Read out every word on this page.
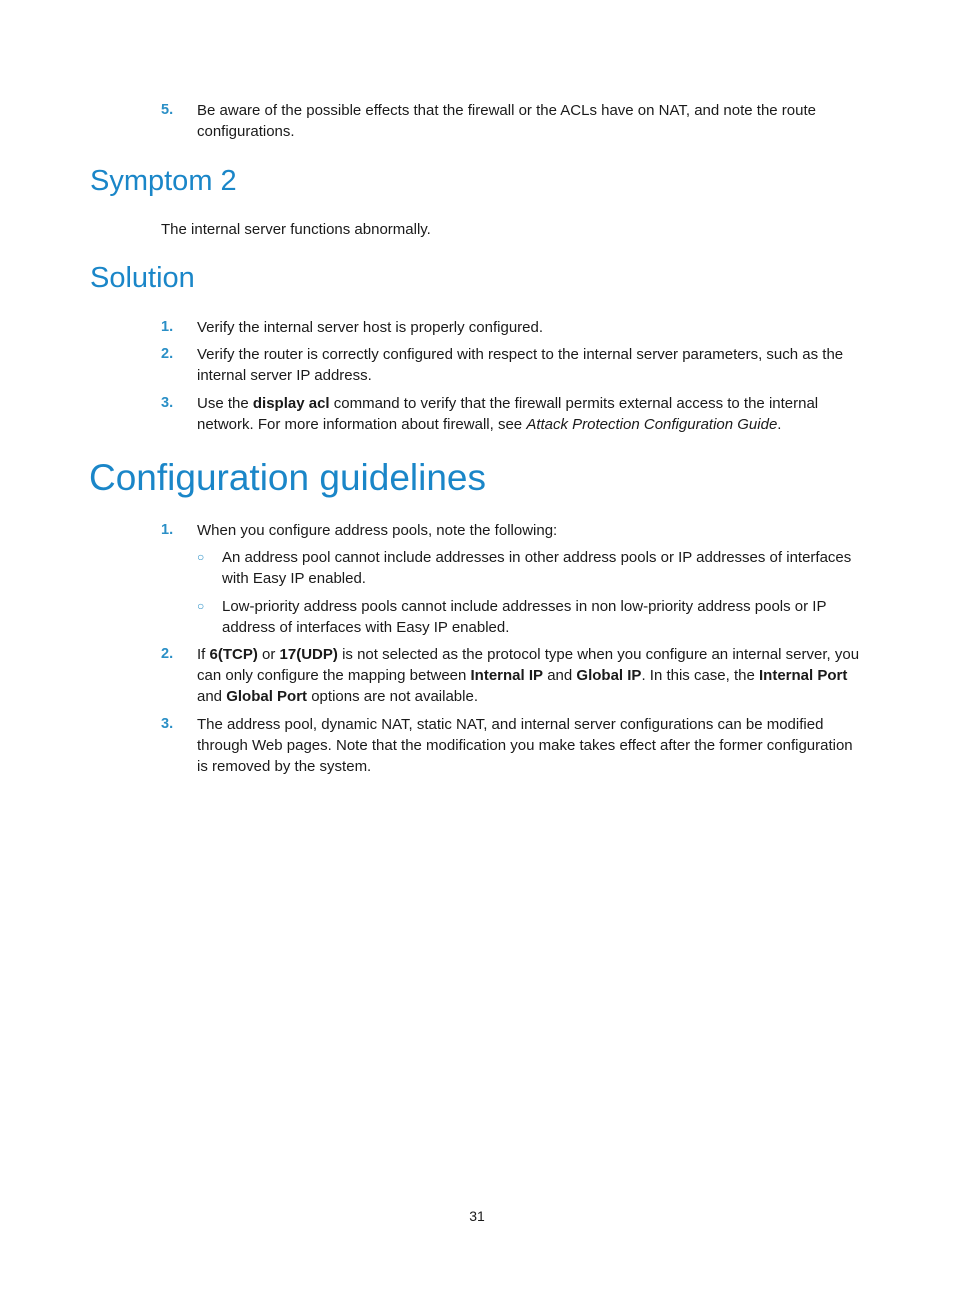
5. Be aware of the possible effects that the firewall or the ACLs have on NAT, and note the route configurations.
Symptom 2
The internal server functions abnormally.
Solution
1. Verify the internal server host is properly configured.
2. Verify the router is correctly configured with respect to the internal server parameters, such as the internal server IP address.
3. Use the display acl command to verify that the firewall permits external access to the internal network. For more information about firewall, see Attack Protection Configuration Guide.
Configuration guidelines
1. When you configure address pools, note the following:
○ An address pool cannot include addresses in other address pools or IP addresses of interfaces with Easy IP enabled.
○ Low-priority address pools cannot include addresses in non low-priority address pools or IP address of interfaces with Easy IP enabled.
2. If 6(TCP) or 17(UDP) is not selected as the protocol type when you configure an internal server, you can only configure the mapping between Internal IP and Global IP. In this case, the Internal Port and Global Port options are not available.
3. The address pool, dynamic NAT, static NAT, and internal server configurations can be modified through Web pages. Note that the modification you make takes effect after the former configuration is removed by the system.
31
